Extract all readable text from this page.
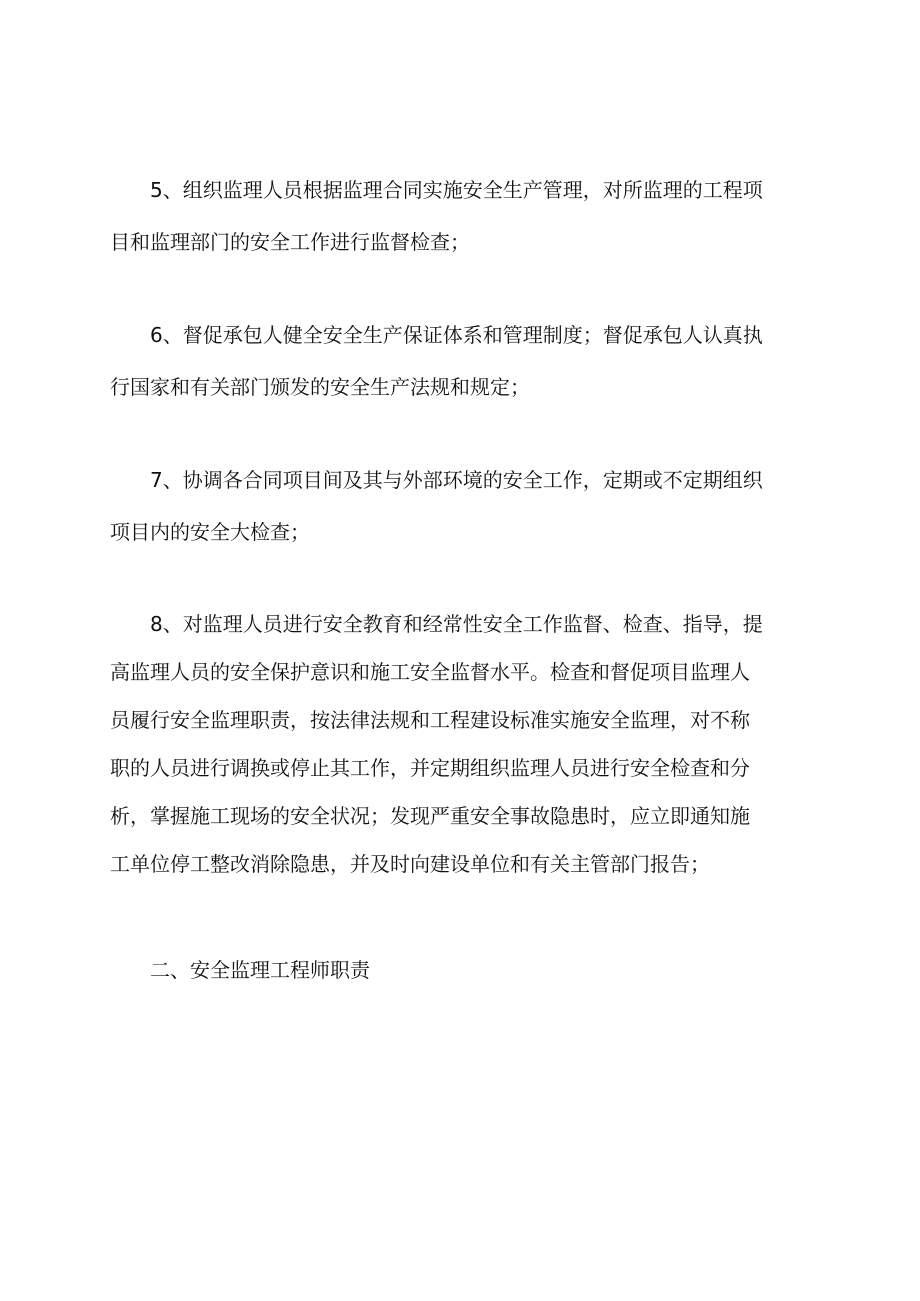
5、组织监理人员根据监理合同实施安全生产管理，对所监理的工程项

目和监理部门的安全工作进行监督检查；

6、督促承包人健全安全生产保证体系和管理制度；督促承包人认真执

行国家和有关部门颁发的安全生产法规和规定；

7、协调各合同项目间及其与外部环境的安全工作，定期或不定期组织

项目内的安全大检查；

8、对监理人员进行安全教育和经常性安全工作监督、检查、指导，提

高监理人员的安全保护意识和施工安全监督水平。检查和督促项目监理人

员履行安全监理职责，按法律法规和工程建设标准实施安全监理，对不称

职的人员进行调换或停止其工作，并定期组织监理人员进行安全检查和分

析，掌握施工现场的安全状况；发现严重安全事故隐患时，应立即通知施

工单位停工整改消除隐患，并及时向建设单位和有关主管部门报告；

二、安全监理工程师职责
